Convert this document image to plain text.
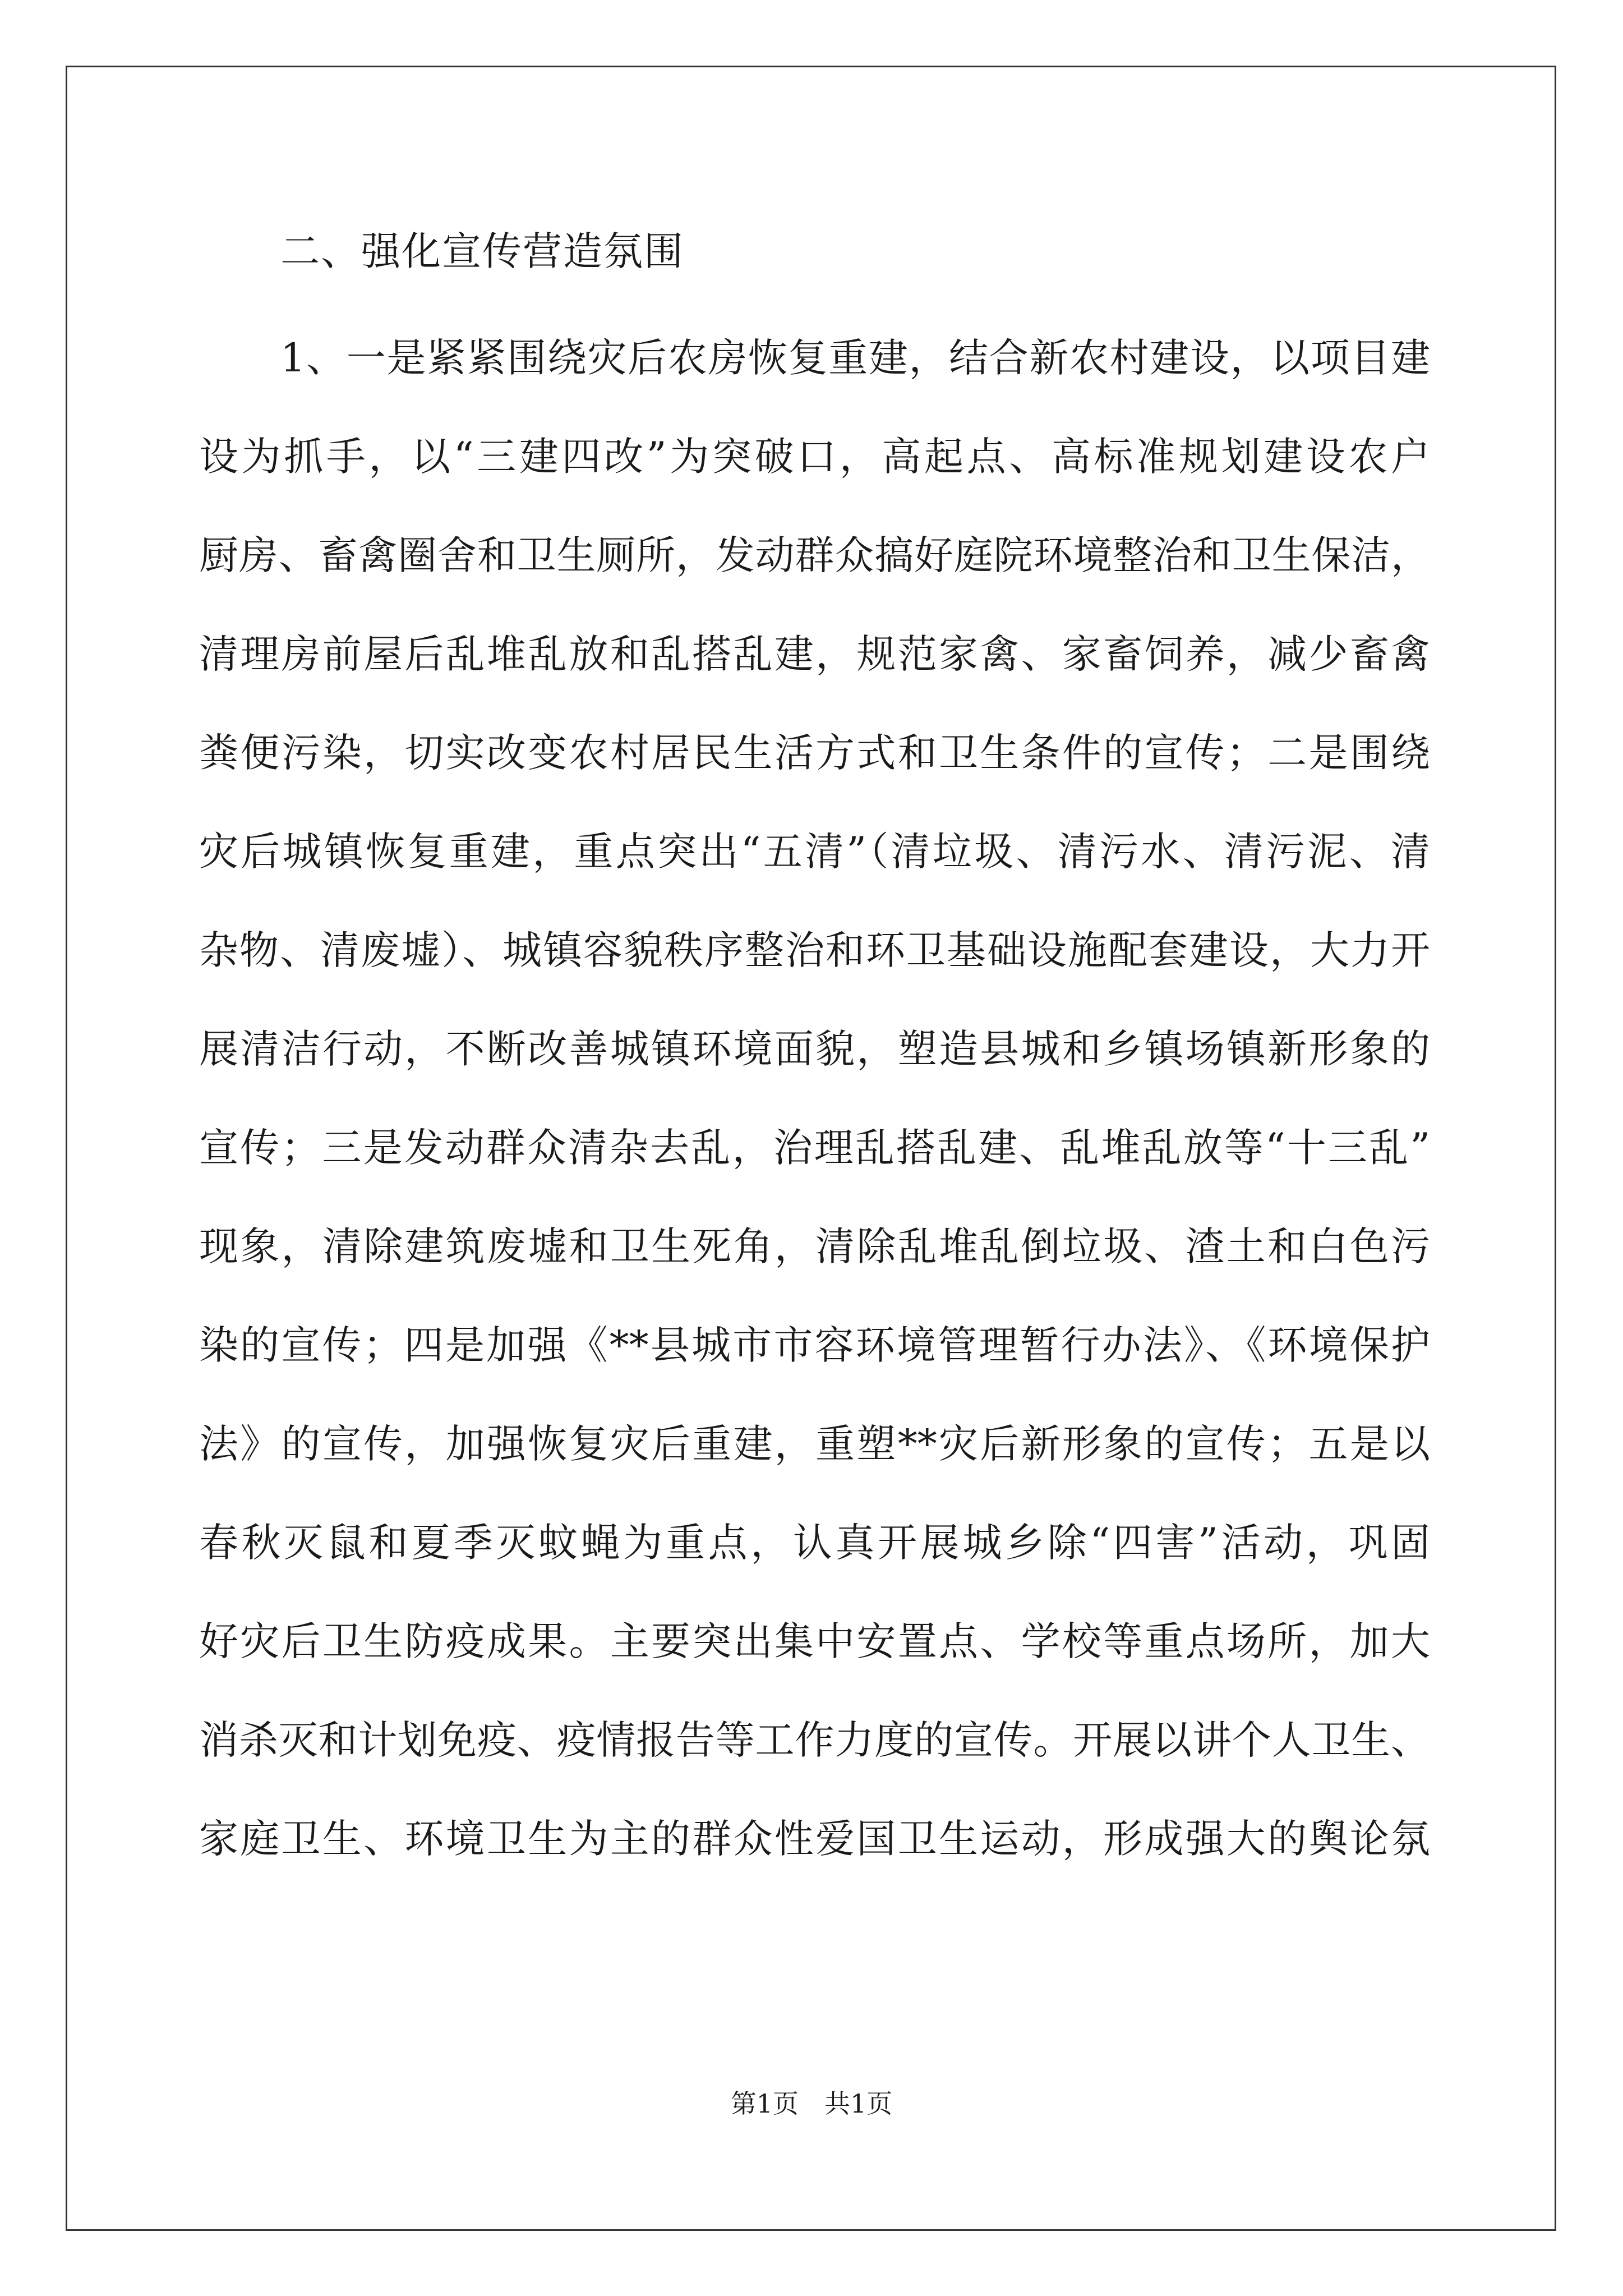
二、强化宣传营造氛围
1、一是紧紧围绕灾后农房恢复重建，结合新农村建设，以项目建
设为抓手，以“三建四改”为突破口，高起点、高标准规划建设农户
厨房、畜禽圈舍和卫生厕所，发动群众搞好庭院环境整治和卫生保洁，
清理房前屋后乱堆乱放和乱搭乱建，规范家禽、家畜饲养，减少畜禽
粪便污染，切实改变农村居民生活方式和卫生条件的宣传；二是围绕
灾后城镇恢复重建，重点突出“五清”（清垃圾、清污水、清污泥、清
杂物、清废墟）、城镇容貌秩序整治和环卫基础设施配套建设，大力开
展清洁行动，不断改善城镇环境面貌，塑造县城和乡镇场镇新形象的
宣传；三是发动群众清杂去乱，治理乱搭乱建、乱堆乱放等“十三乱”
现象，清除建筑废墟和卫生死角，清除乱堆乱倒垃圾、渣土和白色污
染的宣传；四是加强《**县城市市容环境管理暂行办法》、《环境保护
法》的宣传，加强恢复灾后重建，重塑**灾后新形象的宣传；五是以
春秋灭鼠和夏季灭蚊蝇为重点，认真开展城乡除“四害”活动，巩固
好灾后卫生防疫成果。主要突出集中安置点、学校等重点场所，加大
消杀灭和计划免疫、疫情报告等工作力度的宣传。开展以讲个人卫生、
家庭卫生、环境卫生为主的群众性爱国卫生运动，形成强大的舆论氛
第1页 共1页
